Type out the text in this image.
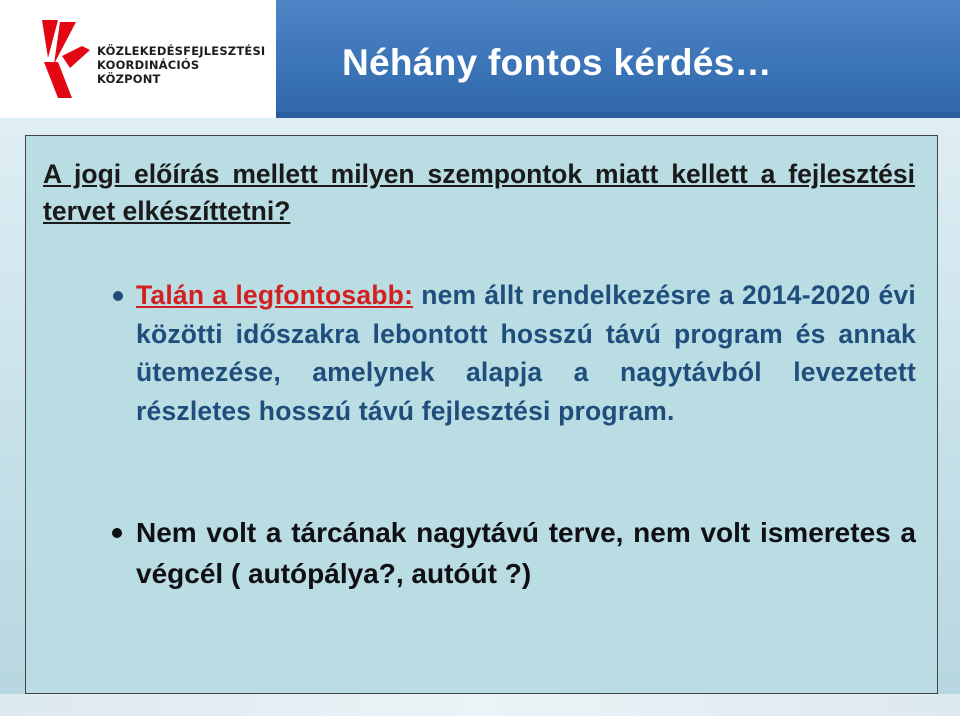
KÖZLEKEDÉSFEJLESZTÉSI
KOORDINÁCIÓS
KÖZPONT	Néhány fontos kérdés…
A jogi előírás mellett milyen szempontok miatt kellett a fejlesztési tervet elkészíttetni?
Talán a legfontosabb: nem állt rendelkezésre a 2014-2020 évi közötti időszakra lebontott hosszú távú program és annak ütemezése, amelynek alapja a nagytávból levezetett részletes hosszú távú fejlesztési program.
Nem volt a tárcának nagytávú terve, nem volt ismeretes a végcél ( autópálya?, autóút ?)
